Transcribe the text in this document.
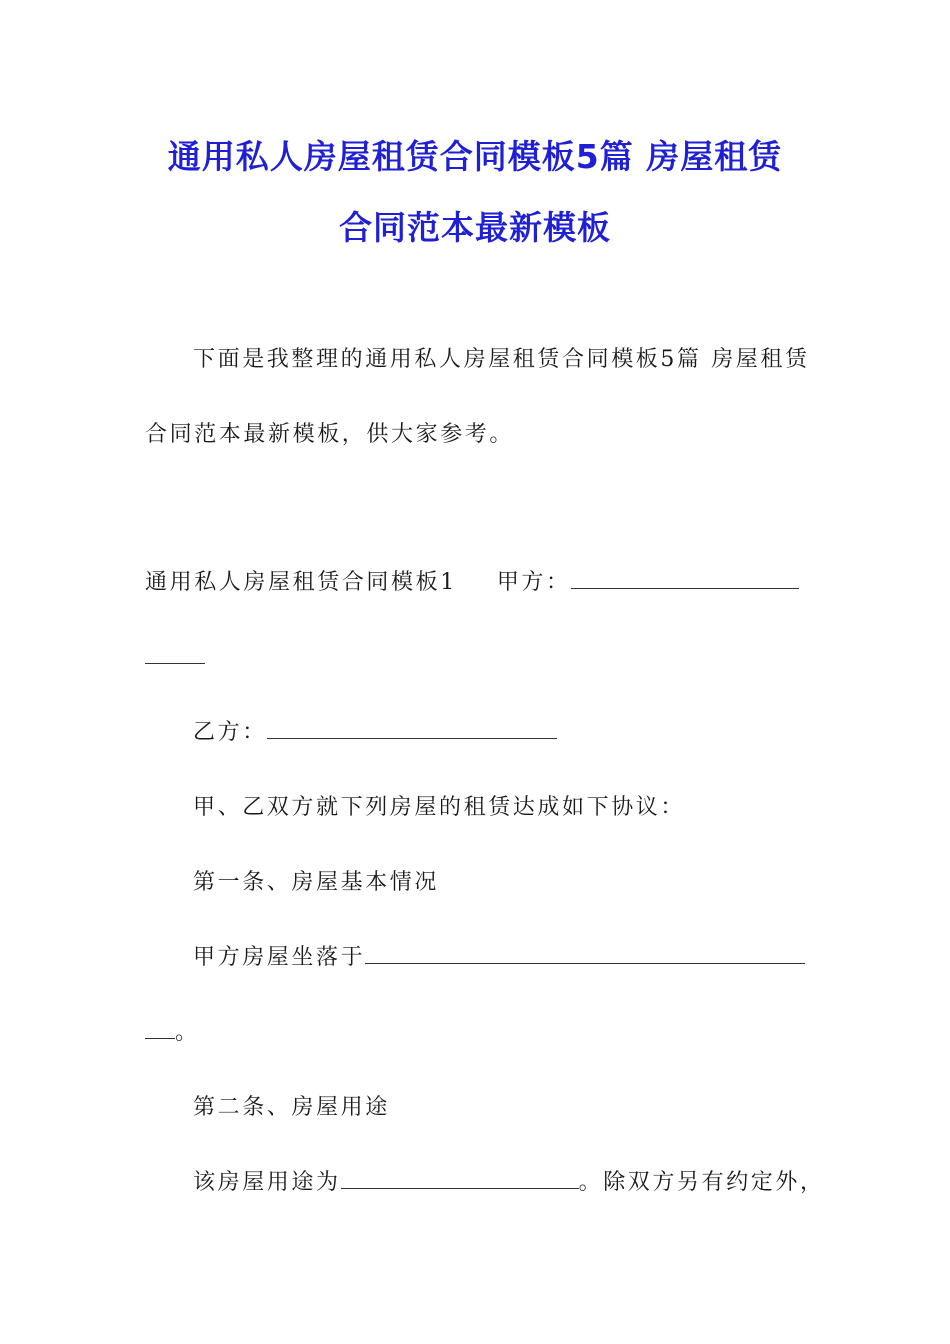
通用私人房屋租赁合同模板5篇 房屋租赁
合同范本最新模板
下面是我整理的通用私人房屋租赁合同模板5篇 房屋租赁
合同范本最新模板，供大家参考。
通用私人房屋租赁合同模板1 甲方：
乙方：
甲、乙双方就下列房屋的租赁达成如下协议：
第一条、房屋基本情况
甲方房屋坐落于
。
第二条、房屋用途
该房屋用途为	。除双方另有约定外，
